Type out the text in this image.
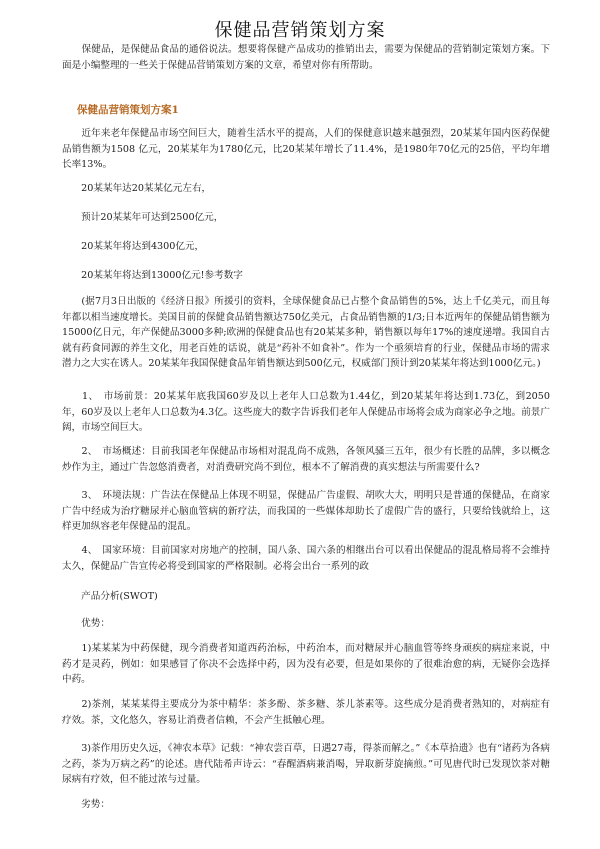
保健品营销策划方案

　　保健品，是保健品食品的通俗说法。想要将保健产品成功的推销出去，需要为保健品的营销制定策划方案。下面是小编整理的一些关于保健品营销策划方案的文章，希望对你有所帮助。

保健品营销策划方案1

　　近年来老年保健品市场空间巨大，随着生活水平的提高，人们的保健意识越来越强烈，20某某年国内医药保健品销售额为1508 亿元，20某某年为1780亿元，比20某某年增长了11.4%，是1980年70亿元的25倍，平均年增长率13%。

　　20某某年达20某某亿元左右，

　　预计20某某年可达到2500亿元，

　　20某某年将达到4300亿元，

　　20某某年将达到13000亿元!参考数字

　　(据7月3日出版的《经济日报》所援引的资料，全球保健食品已占整个食品销售的5%，达上千亿美元，而且每年都以相当速度增长。美国目前的保健食品销售额达750亿美元，占食品销售额的1/3;日本近两年的保健品销售额为15000亿日元，年产保健品3000多种;欧洲的保健食品也有20某某多种，销售额以每年17%的速度递增。我国自古就有药食同源的养生文化，用老百姓的话说，就是“药补不如食补”。作为一个亟须培育的行业，保健品市场的需求潜力之大实在诱人。20某某年我国保健食品年销售额达到500亿元，权威部门预计到20某某年将达到1000亿元。)

　　1、　市场前景：20某某年底我国60岁及以上老年人口总数为1.44亿，到20某某年将达到1.73亿，到2050年，60岁及以上老年人口总数为4.3亿。这些庞大的数字告诉我们老年人保健品市场将会成为商家必争之地。前景广阔，市场空间巨大。

　　2、　市场概述：目前我国老年保健品市场相对混乱尚不成熟，各领风骚三五年，很少有长胜的品牌，多以概念炒作为主，通过广告忽悠消费者，对消费研究尚不到位，根本不了解消费的真实想法与所需要什么?

　　3、　环境法规：广告法在保健品上体现不明显，保健品广告虚假、胡吹大大，明明只是普通的保健品，在商家广告中经成为治疗糖尿并心脑血管病的新疗法，而我国的一些媒体却助长了虚假广告的盛行，只要给钱就给上，这样更加纵容老年保健品的混乱。

　　4、　国家环境：目前国家对房地产的控制，国八条、国六条的相继出台可以看出保健品的混乱格局将不会维持太久，保健品广告宣传必将受到国家的严格限制。必将会出台一系列的政

　　产品分析(SWOT)

　　优势：

　　1)某某某为中药保健，现今消费者知道西药治标，中药治本，而对糖尿并心脑血管等终身顽疾的病症来说，中药才是灵药，例如：如果感冒了你决不会选择中药，因为没有必要，但是如果你的了很难治愈的病，无疑你会选择中药。

　　2)茶剂，某某某得主要成分为茶中精华：茶多酚、茶多糖、茶儿茶素等。这些成分是消费者熟知的，对病症有疗效。茶，文化悠久，容易让消费者信赖，不会产生抵触心理。

　　3)茶作用历史久远，《神农本草》记载：“神农尝百草，日遇27毒，得茶而解之。”《本草拾遗》也有“诸药为各病之药，茶为万病之药”的论述。唐代陆希声诗云：“春醒酒病兼消喝，异取新芽旋摘煎。”可见唐代时已发现饮茶对糖尿病有疗效，但不能过浓与过量。

　　劣势：
